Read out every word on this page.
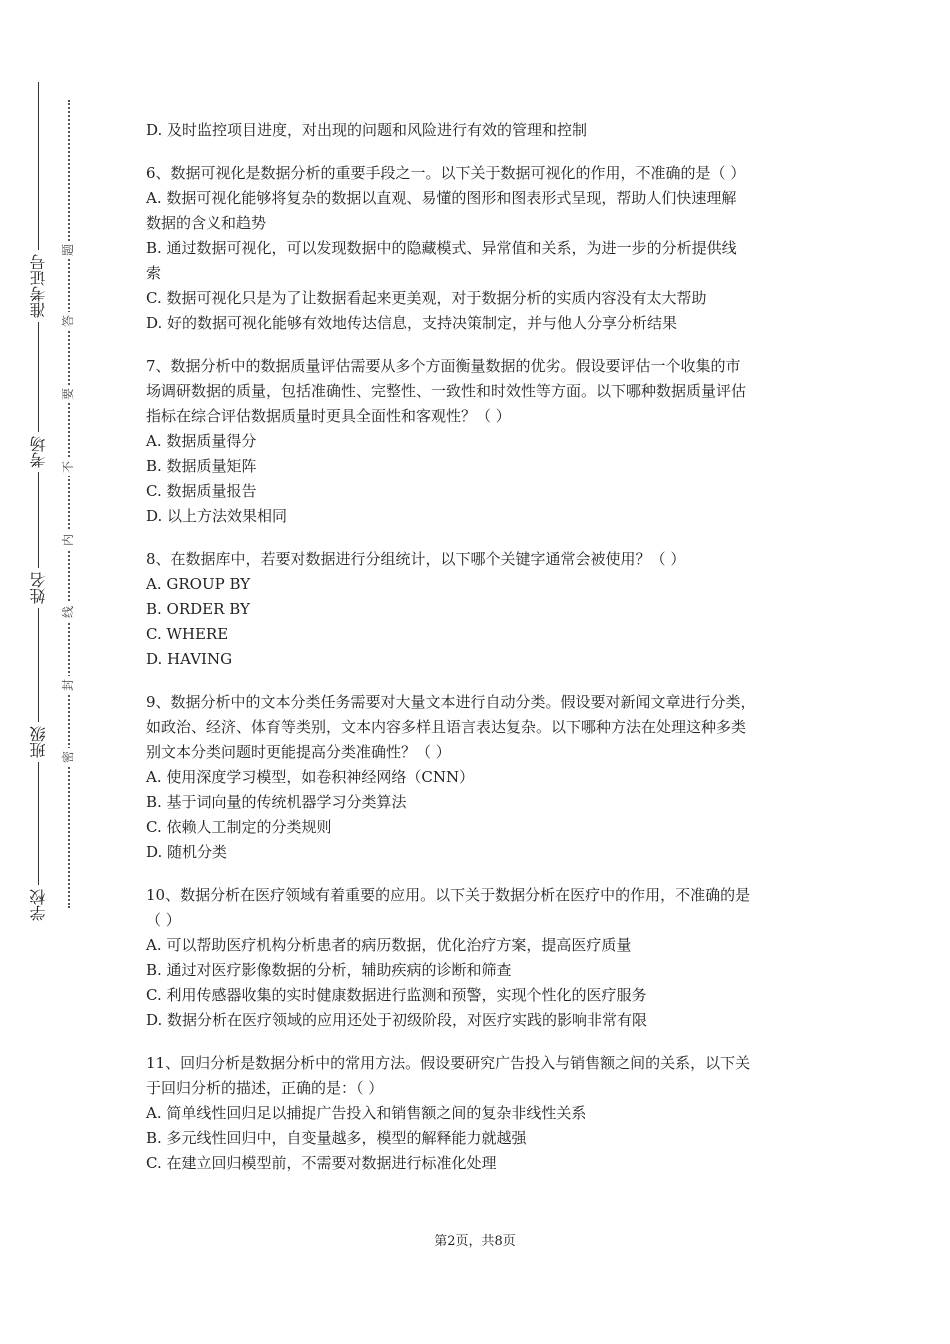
准考证号
考场
姓名
班级
学校
题
答
要
不
内
线
封
密

D. 及时监控项目进度，对出现的问题和风险进行有效的管理和控制

6、数据可视化是数据分析的重要手段之一。以下关于数据可视化的作用，不准确的是（ ）

A. 数据可视化能够将复杂的数据以直观、易懂的图形和图表形式呈现，帮助人们快速理解

数据的含义和趋势

B. 通过数据可视化，可以发现数据中的隐藏模式、异常值和关系，为进一步的分析提供线

索

C. 数据可视化只是为了让数据看起来更美观，对于数据分析的实质内容没有太大帮助

D. 好的数据可视化能够有效地传达信息，支持决策制定，并与他人分享分析结果

7、数据分析中的数据质量评估需要从多个方面衡量数据的优劣。假设要评估一个收集的市

场调研数据的质量，包括准确性、完整性、一致性和时效性等方面。以下哪种数据质量评估

指标在综合评估数据质量时更具全面性和客观性？（ ）

A. 数据质量得分

B. 数据质量矩阵

C. 数据质量报告

D. 以上方法效果相同

8、在数据库中，若要对数据进行分组统计，以下哪个关键字通常会被使用？（ ）

A. GROUP BY

B. ORDER BY

C. WHERE

D. HAVING

9、数据分析中的文本分类任务需要对大量文本进行自动分类。假设要对新闻文章进行分类，

如政治、经济、体育等类别，文本内容多样且语言表达复杂。以下哪种方法在处理这种多类

别文本分类问题时更能提高分类准确性？（ ）

A. 使用深度学习模型，如卷积神经网络（CNN）

B. 基于词向量的传统机器学习分类算法

C. 依赖人工制定的分类规则

D. 随机分类

10、数据分析在医疗领域有着重要的应用。以下关于数据分析在医疗中的作用，不准确的是

（ ）

A. 可以帮助医疗机构分析患者的病历数据，优化治疗方案，提高医疗质量

B. 通过对医疗影像数据的分析，辅助疾病的诊断和筛查

C. 利用传感器收集的实时健康数据进行监测和预警，实现个性化的医疗服务

D. 数据分析在医疗领域的应用还处于初级阶段，对医疗实践的影响非常有限

11、回归分析是数据分析中的常用方法。假设要研究广告投入与销售额之间的关系，以下关

于回归分析的描述，正确的是：（ ）

A. 简单线性回归足以捕捉广告投入和销售额之间的复杂非线性关系

B. 多元线性回归中，自变量越多，模型的解释能力就越强

C. 在建立回归模型前，不需要对数据进行标准化处理

第2页，共8页
